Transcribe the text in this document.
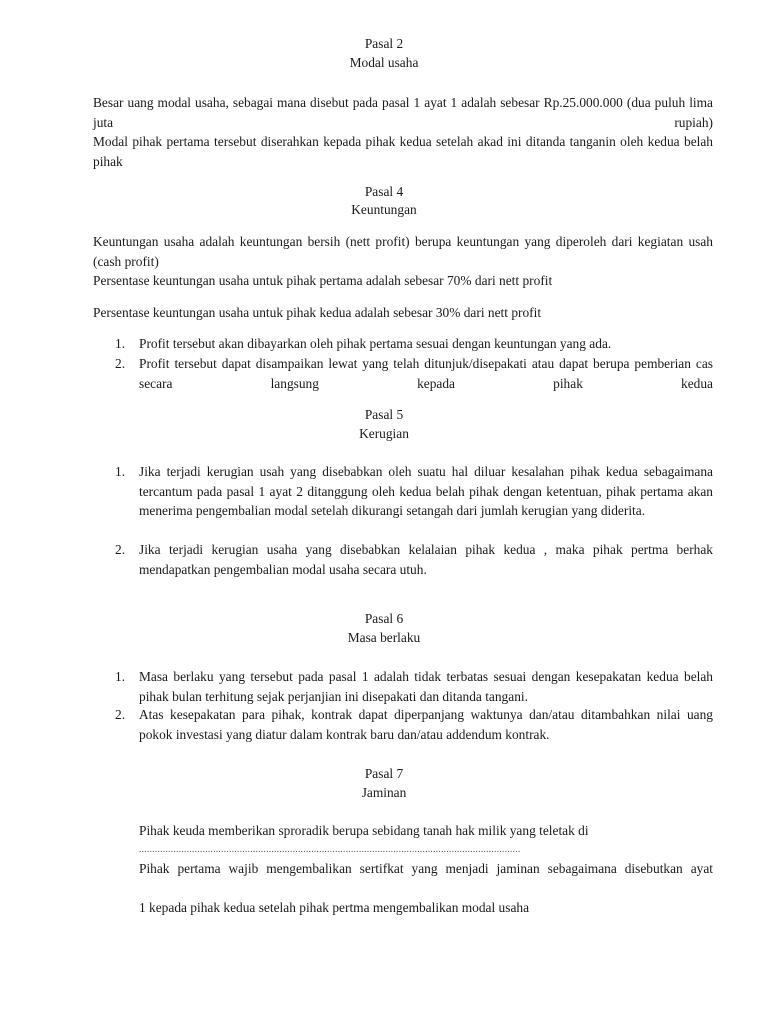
Pasal 2

Modal usaha

Besar uang modal usaha, sebagai mana disebut pada pasal 1 ayat 1 adalah sebesar Rp.25.000.000 (dua puluh lima juta rupiah)

Modal pihak pertama tersebut diserahkan kepada pihak kedua setelah akad ini ditanda tanganin oleh kedua belah pihak

Pasal 4

Keuntungan

Keuntungan usaha adalah keuntungan bersih (nett profit) berupa keuntungan yang diperoleh dari kegiatan usah (cash profit)

Persentase keuntungan usaha untuk pihak pertama adalah sebesar 70% dari nett profit

Persentase keuntungan usaha untuk pihak kedua adalah sebesar 30% dari nett profit

1.	Profit tersebut akan dibayarkan oleh pihak pertama sesuai dengan keuntungan yang ada.

2.	Profit tersebut dapat disampaikan lewat yang telah ditunjuk/disepakati atau dapat berupa pemberian cas secara langsung kepada pihak kedua

Pasal 5

Kerugian

1.	Jika terjadi kerugian usah yang disebabkan oleh suatu hal diluar kesalahan pihak kedua sebagaimana tercantum pada pasal 1 ayat 2 ditanggung oleh kedua belah pihak dengan ketentuan, pihak pertama akan menerima pengembalian modal setelah dikurangi setangah dari jumlah kerugian yang diderita.

2.	Jika terjadi kerugian usaha yang disebabkan kelalaian pihak kedua , maka pihak pertma berhak mendapatkan pengembalian modal usaha secara utuh.

Pasal 6

Masa berlaku

1.	Masa berlaku yang tersebut pada pasal 1 adalah tidak terbatas sesuai dengan kesepakatan kedua belah pihak bulan terhitung sejak perjanjian ini disepakati dan ditanda tangani.

2.	Atas kesepakatan para pihak, kontrak dapat diperpanjang waktunya dan/atau ditambahkan nilai uang pokok investasi yang diatur dalam kontrak baru dan/atau addendum kontrak.

Pasal 7

Jaminan

Pihak keuda memberikan sproradik berupa sebidang tanah hak milik yang teletak di

................................................................................................................................................

Pihak pertama wajib mengembalikan sertifkat yang menjadi jaminan sebagaimana disebutkan ayat

1 kepada pihak kedua setelah pihak pertma mengembalikan modal usaha
